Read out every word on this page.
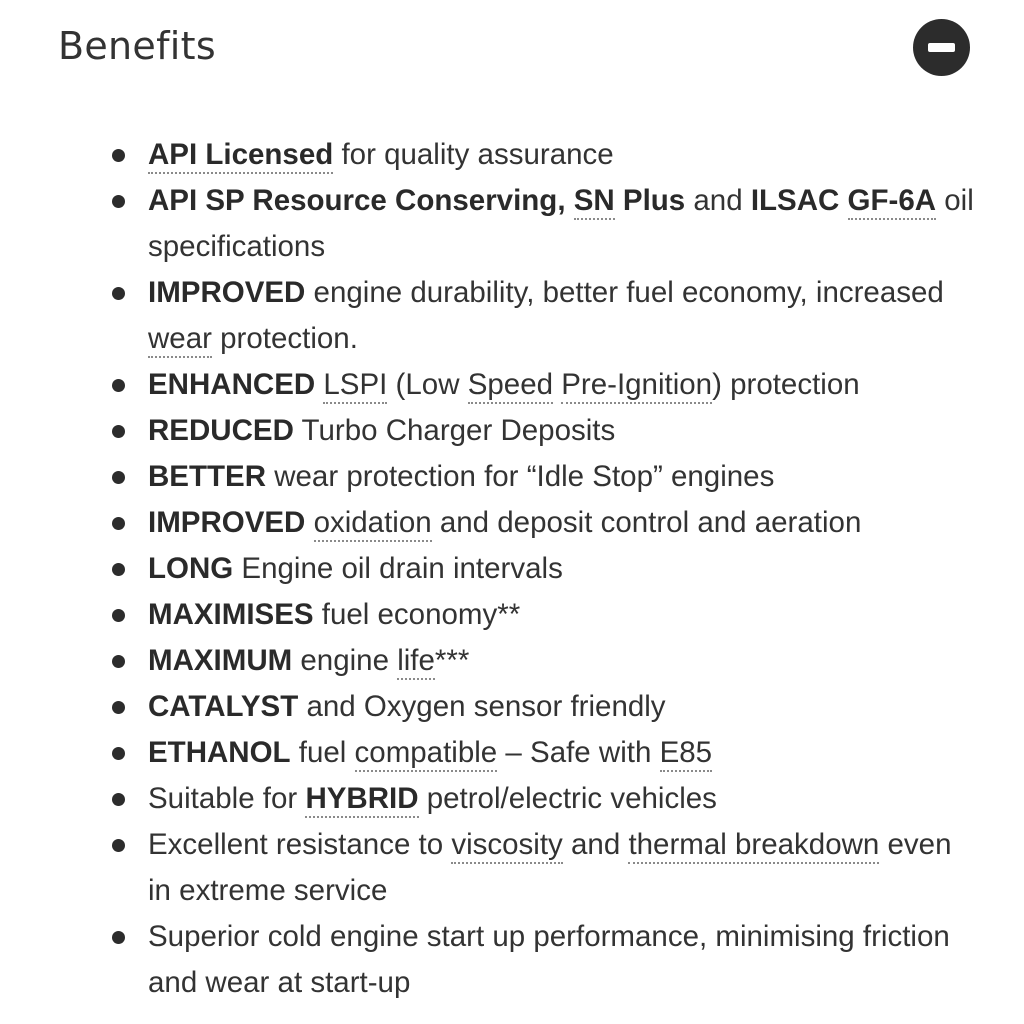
Benefits
API Licensed for quality assurance
API SP Resource Conserving, SN Plus and ILSAC GF-6A oil specifications
IMPROVED engine durability, better fuel economy, increased wear protection.
ENHANCED LSPI (Low Speed Pre-Ignition) protection
REDUCED Turbo Charger Deposits
BETTER wear protection for “Idle Stop” engines
IMPROVED oxidation and deposit control and aeration
LONG Engine oil drain intervals
MAXIMISES fuel economy**
MAXIMUM engine life***
CATALYST and Oxygen sensor friendly
ETHANOL fuel compatible – Safe with E85
Suitable for HYBRID petrol/electric vehicles
Excellent resistance to viscosity and thermal breakdown even in extreme service
Superior cold engine start up performance, minimising friction and wear at start-up
